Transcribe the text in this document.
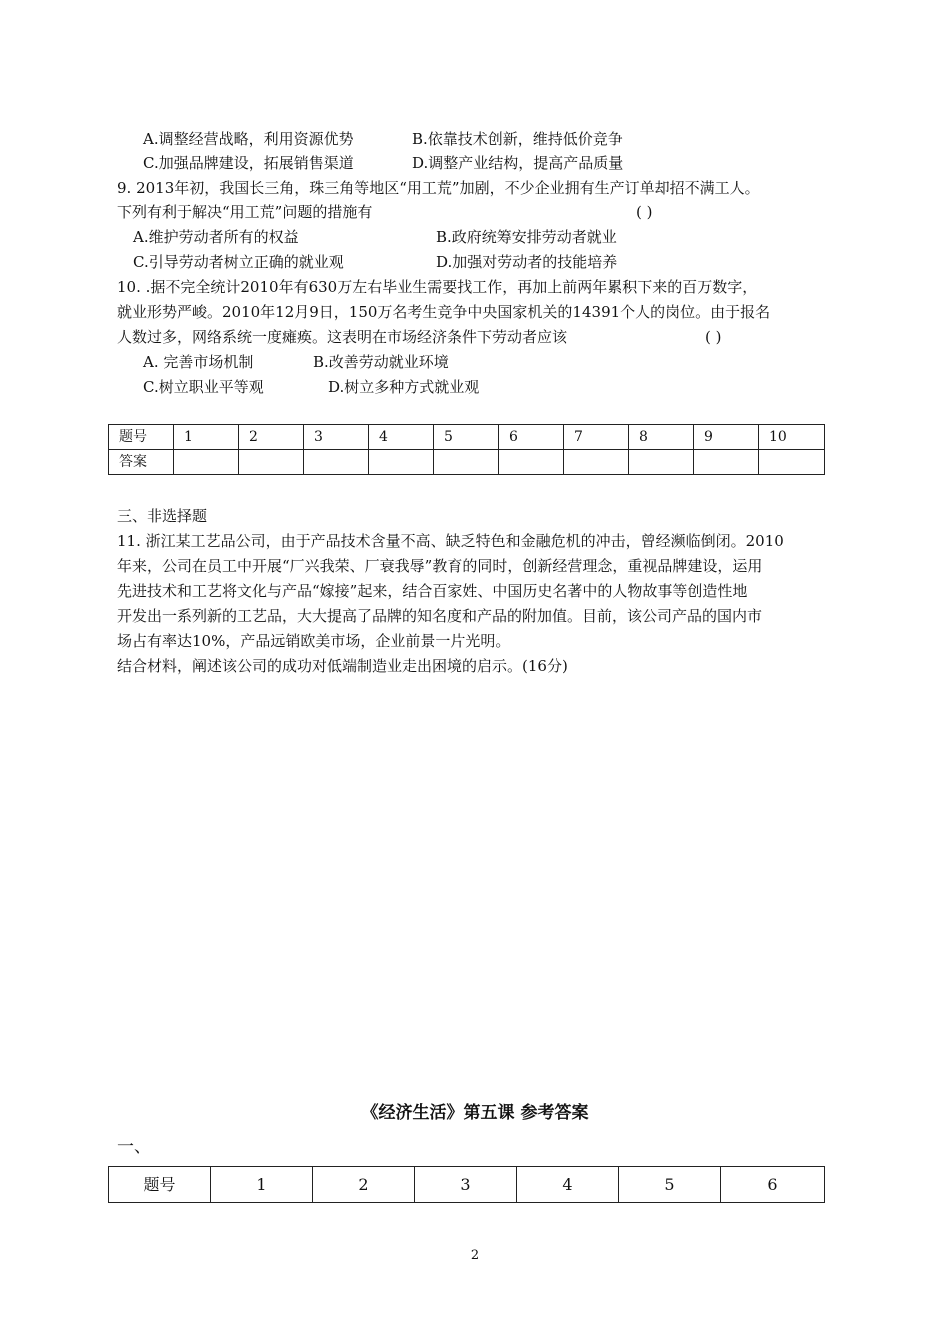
A.调整经营战略，利用资源优势	B.依靠技术创新，维持低价竞争
C.加强品牌建设，拓展销售渠道	D.调整产业结构，提高产品质量
9. 2013年初，我国长三角，珠三角等地区“用工荒”加剧，不少企业拥有生产订单却招不满工人。
下列有利于解决“用工荒”问题的措施有	( )
A.维护劳动者所有的权益	B.政府统筹安排劳动者就业
C.引导劳动者树立正确的就业观	D.加强对劳动者的技能培养
10. .据不完全统计2010年有630万左右毕业生需要找工作，再加上前两年累积下来的百万数字，
就业形势严峻。2010年12月9日，150万名考生竞争中央国家机关的14391个人的岗位。由于报名
人数过多，网络系统一度瘫痪。这表明在市场经济条件下劳动者应该	( )
A. 完善市场机制	B.改善劳动就业环境
C.树立职业平等观	D.树立多种方式就业观
题号	1	2	3	4	5	6	7	8	9	10
答案										
三、非选择题
11. 浙江某工艺品公司，由于产品技术含量不高、缺乏特色和金融危机的冲击，曾经濒临倒闭。2010
年来，公司在员工中开展“厂兴我荣、厂衰我辱”教育的同时，创新经营理念，重视品牌建设，运用
先进技术和工艺将文化与产品“嫁接”起来，结合百家姓、中国历史名著中的人物故事等创造性地
开发出一系列新的工艺品，大大提高了品牌的知名度和产品的附加值。目前，该公司产品的国内市
场占有率达10%，产品远销欧美市场，企业前景一片光明。
结合材料，阐述该公司的成功对低端制造业走出困境的启示。(16分)
《经济生活》第五课 参考答案
一、
题号	1	2	3	4	5	6
2
